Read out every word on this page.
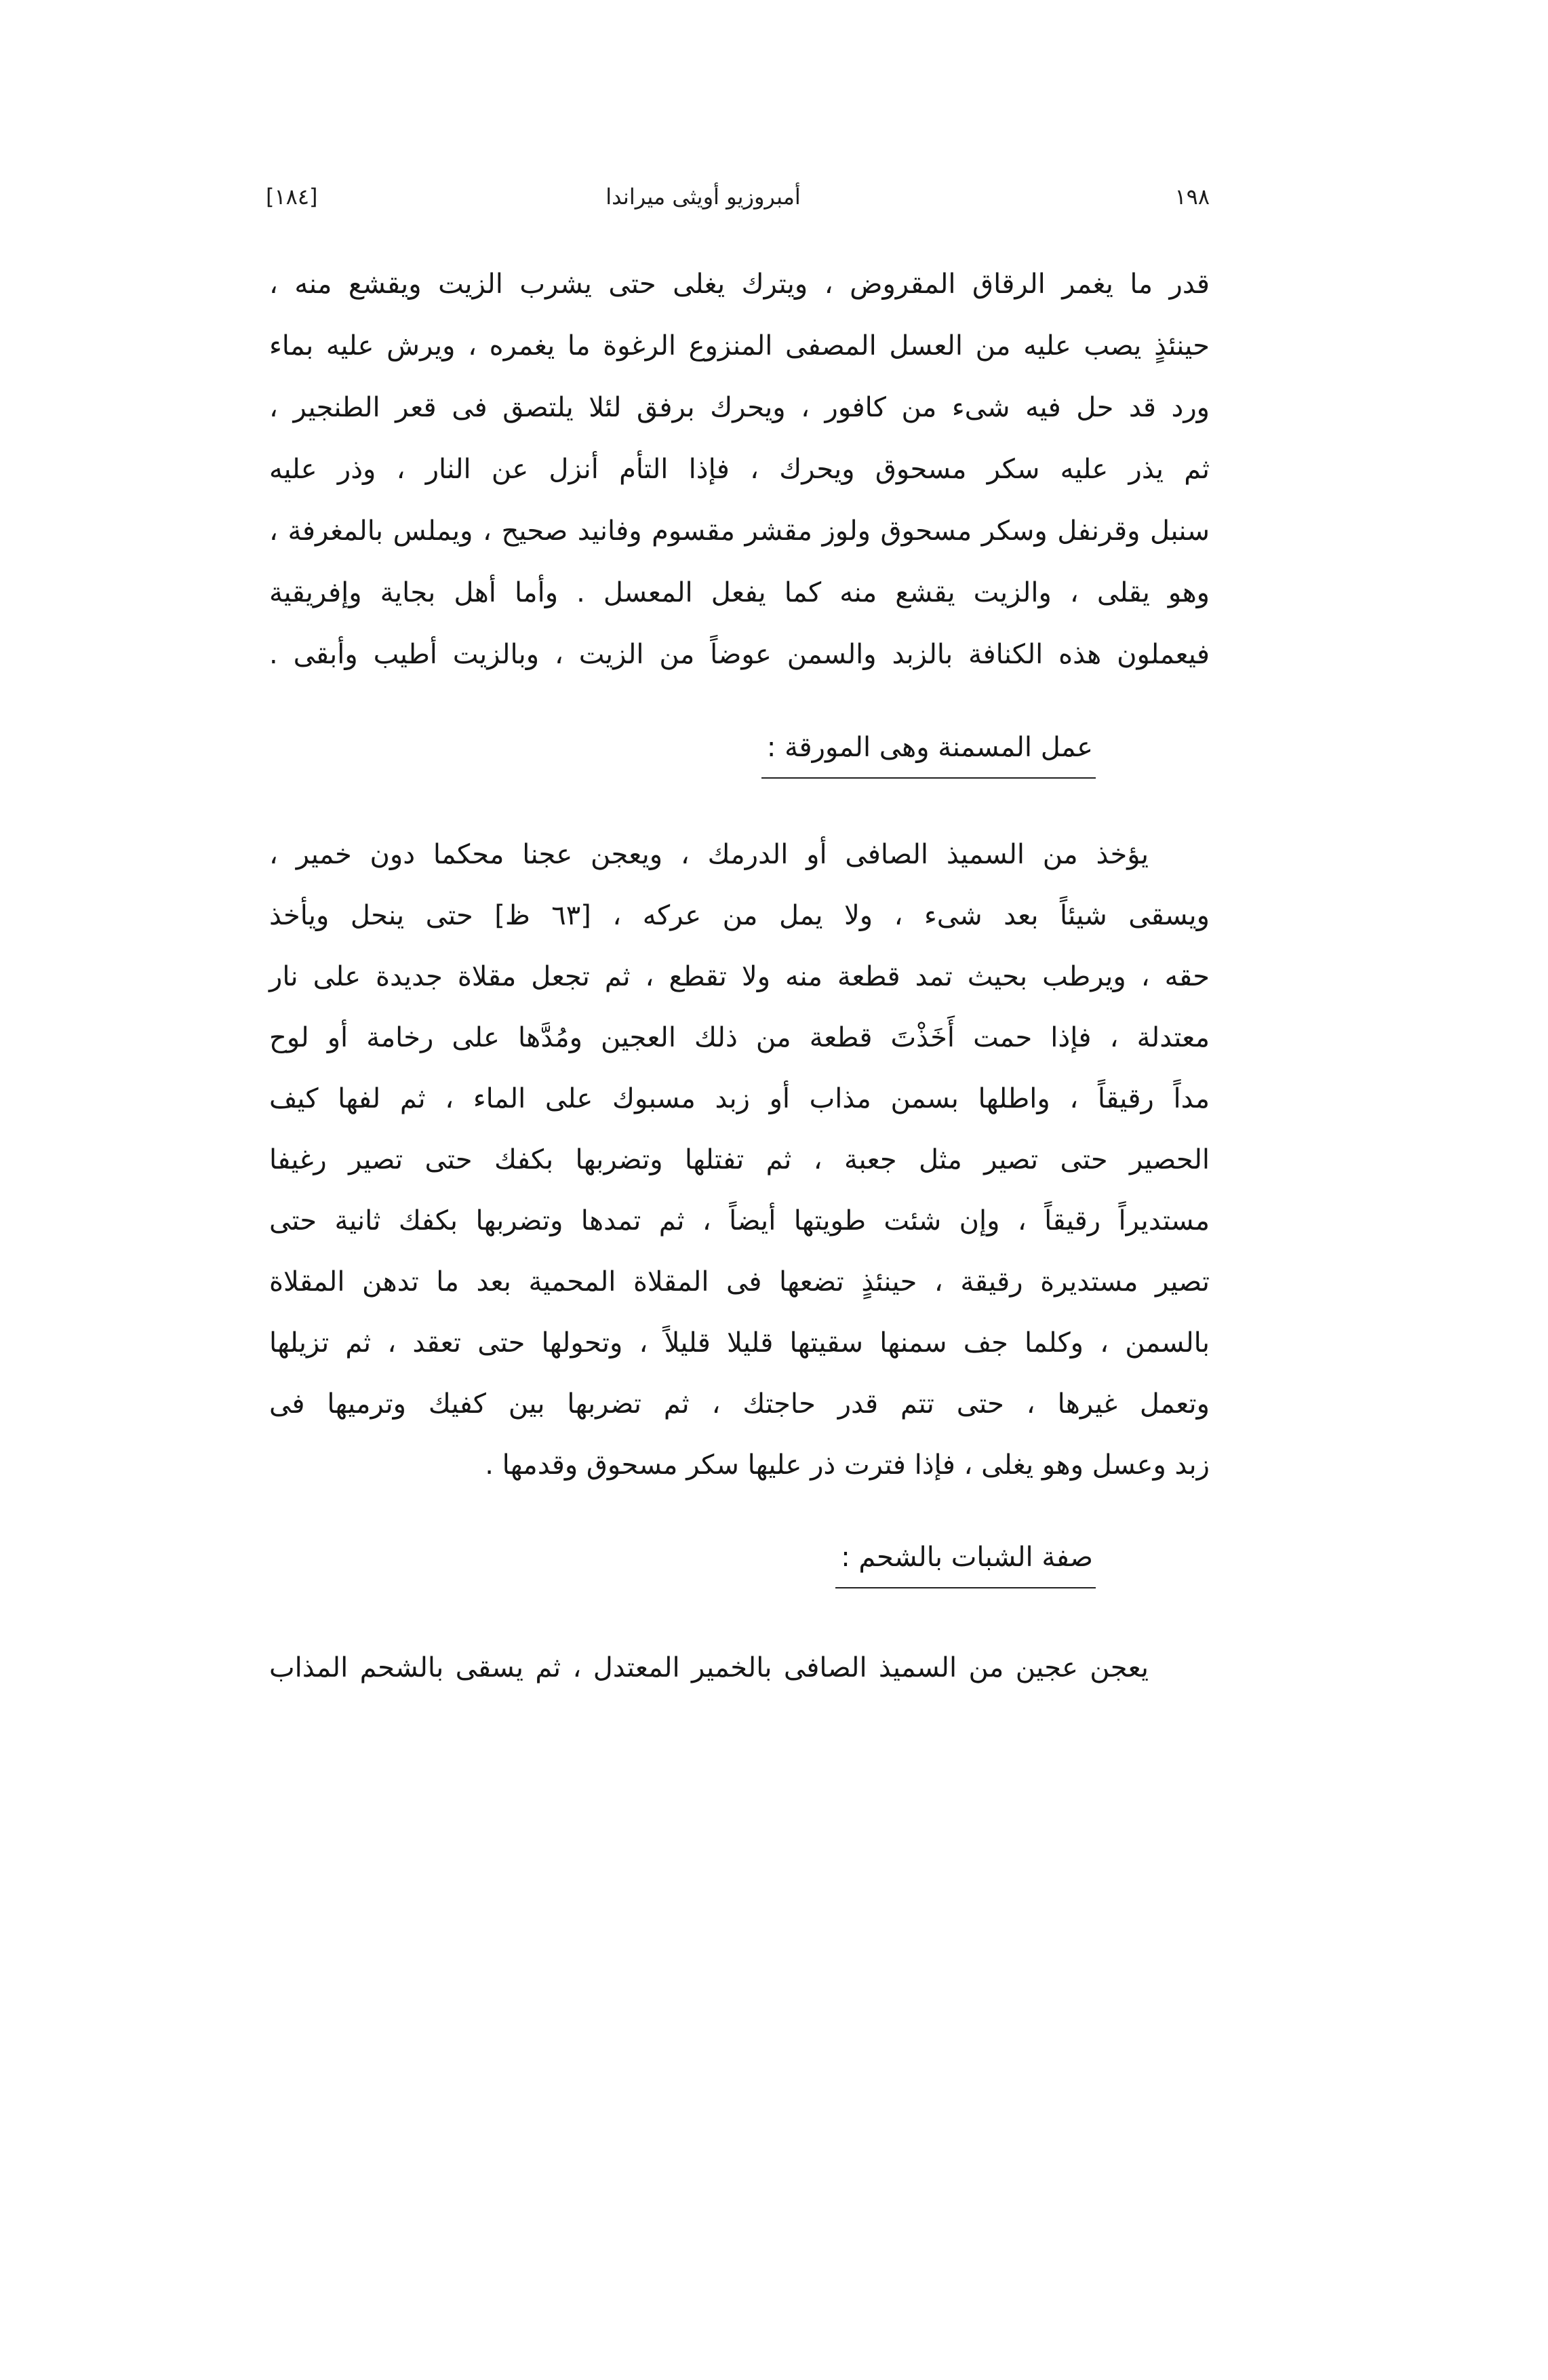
١٩٨
أمبروزيو أويثى ميراندا
[١٨٤]
قدر ما يغمر الرقاق المقروض ، ويترك يغلى حتى يشرب الزيت ويقشع منه ،
حينئذٍ يصب عليه من العسل المصفى المنزوع الرغوة ما يغمره ، ويرش عليه بماء
ورد قد حل فيه شىء من كافور ، ويحرك برفق لئلا يلتصق فى قعر الطنجير ،
ثم يذر عليه سكر مسحوق ويحرك ، فإذا التأم أنزل عن النار ، وذر عليه
سنبل وقرنفل وسكر مسحوق ولوز مقشر مقسوم وفانيد صحيح ، ويملس بالمغرفة ،
وهو يقلى ، والزيت يقشع منه كما يفعل المعسل . وأما أهل بجاية وإفريقية
فيعملون هذه الكنافة بالزبد والسمن عوضاً من الزيت ، وبالزيت أطيب وأبقى .
عمل المسمنة وهى المورقة :
يؤخذ من السميذ الصافى أو الدرمك ، ويعجن عجنا محكما دون خمير ،
ويسقى شيئاً بعد شىء ، ولا يمل من عركه ، [٦٣ ظ] حتى ينحل ويأخذ
حقه ، ويرطب بحيث تمد قطعة منه ولا تقطع ، ثم تجعل مقلاة جديدة على نار
معتدلة ، فإذا حمت أَخَذْتَ قطعة من ذلك العجين ومُدَّها على رخامة أو لوح
مداً رقيقاً ، واطلها بسمن مذاب أو زبد مسبوك على الماء ، ثم لفها كيف
الحصير حتى تصير مثل جعبة ، ثم تفتلها وتضربها بكفك حتى تصير رغيفا
مستديراً رقيقاً ، وإن شئت طويتها أيضاً ، ثم تمدها وتضربها بكفك ثانية حتى
تصير مستديرة رقيقة ، حينئذٍ تضعها فى المقلاة المحمية بعد ما تدهن المقلاة
بالسمن ، وكلما جف سمنها سقيتها قليلا قليلاً ، وتحولها حتى تعقد ، ثم تزيلها
وتعمل غيرها ، حتى تتم قدر حاجتك ، ثم تضربها بين كفيك وترميها فى
زبد وعسل وهو يغلى ، فإذا فترت ذر عليها سكر مسحوق وقدمها .
صفة الشبات بالشحم :
يعجن عجين من السميذ الصافى بالخمير المعتدل ، ثم يسقى بالشحم المذاب
